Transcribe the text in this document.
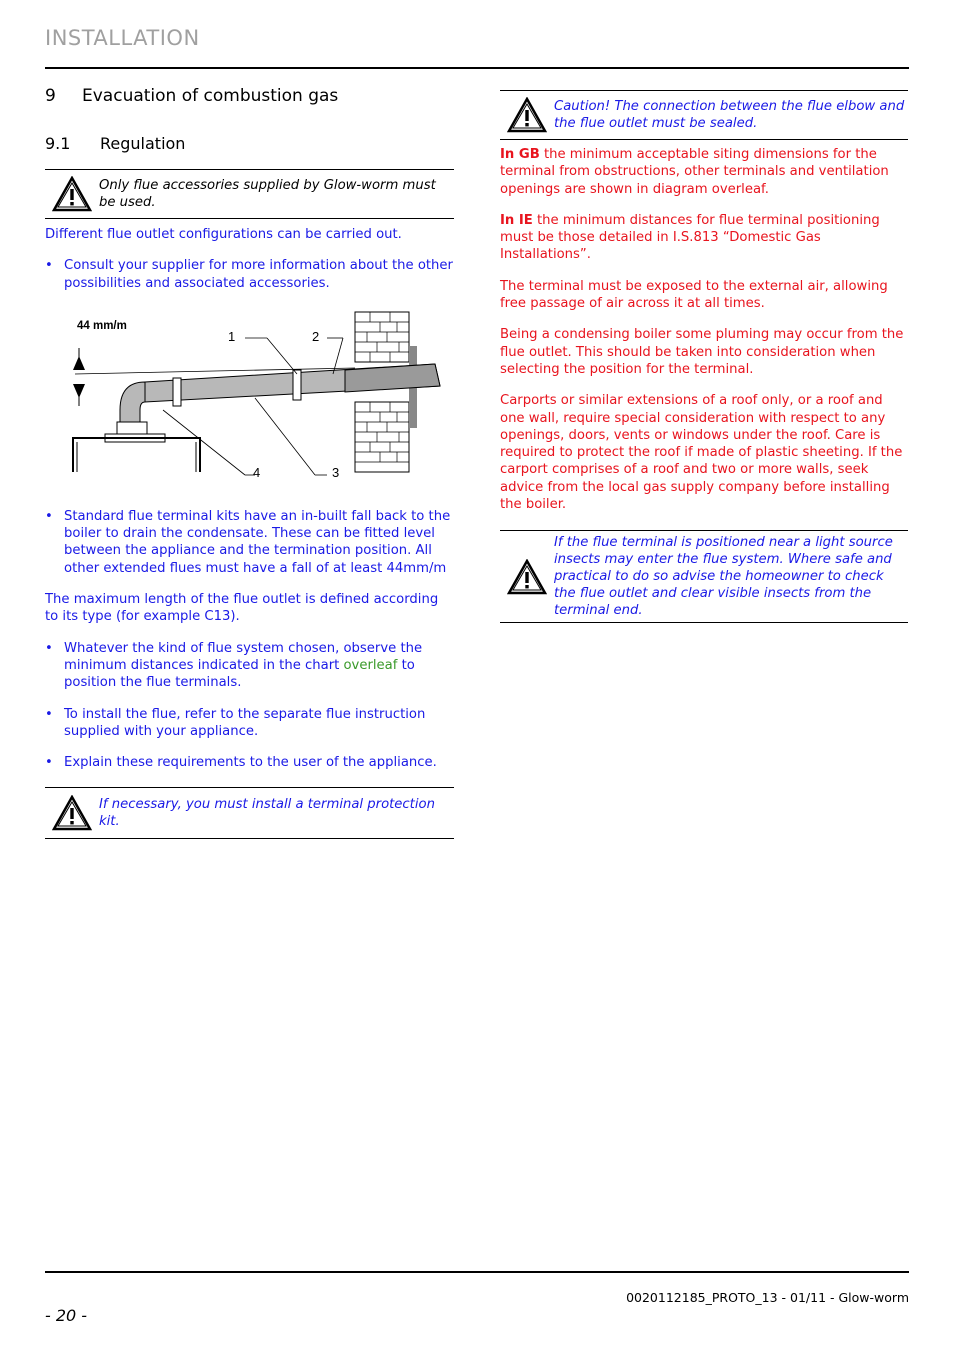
INSTALLATION
9	Evacuation of combustion gas
9.1	Regulation
Only flue accessories supplied by Glow-worm must be used.

Different flue outlet configurations can be carried out.

• Consult your supplier for more information about the other possibilities and associated accessories.
44 mm/m
1	2
3
4
• Standard flue terminal kits have an in-built fall back to the boiler to drain the condensate. These can be fitted level between the appliance and the termination position. All other extended flues must have a fall of at least 44mm/m

The maximum length of the flue outlet is defined according to its type (for example C13).

• Whatever the kind of flue system chosen, observe the minimum distances indicated in the chart overleaf to position the flue terminals.
• To install the flue, refer to the separate flue instruction supplied with your appliance.
• Explain these requirements to the user of the appliance.
If necessary, you must install a terminal protection kit.
Caution! The connection between the flue elbow and the flue outlet must be sealed.

In GB the minimum acceptable siting dimensions for the terminal from obstructions, other terminals and ventilation openings are shown in diagram overleaf.

In IE the minimum distances for flue terminal positioning must be those detailed in I.S.813 “Domestic Gas Installations”.

The terminal must be exposed to the external air, allowing free passage of air across it at all times.

Being a condensing boiler some pluming may occur from the flue outlet. This should be taken into consideration when selecting the position for the terminal.

Carports or similar extensions of a roof only, or a roof and one wall, require special consideration with respect to any openings, doors, vents or windows under the roof. Care is required to protect the roof if made of plastic sheeting. If the carport comprises of a roof and two or more walls, seek advice from the local gas supply company before installing the boiler.

If the flue terminal is positioned near a light source insects may enter the flue system. Where safe and practical to do so advise the homeowner to check the flue outlet and clear visible insects from the terminal end.
0020112185_PROTO_13 - 01/11 - Glow-worm
- 20 -
